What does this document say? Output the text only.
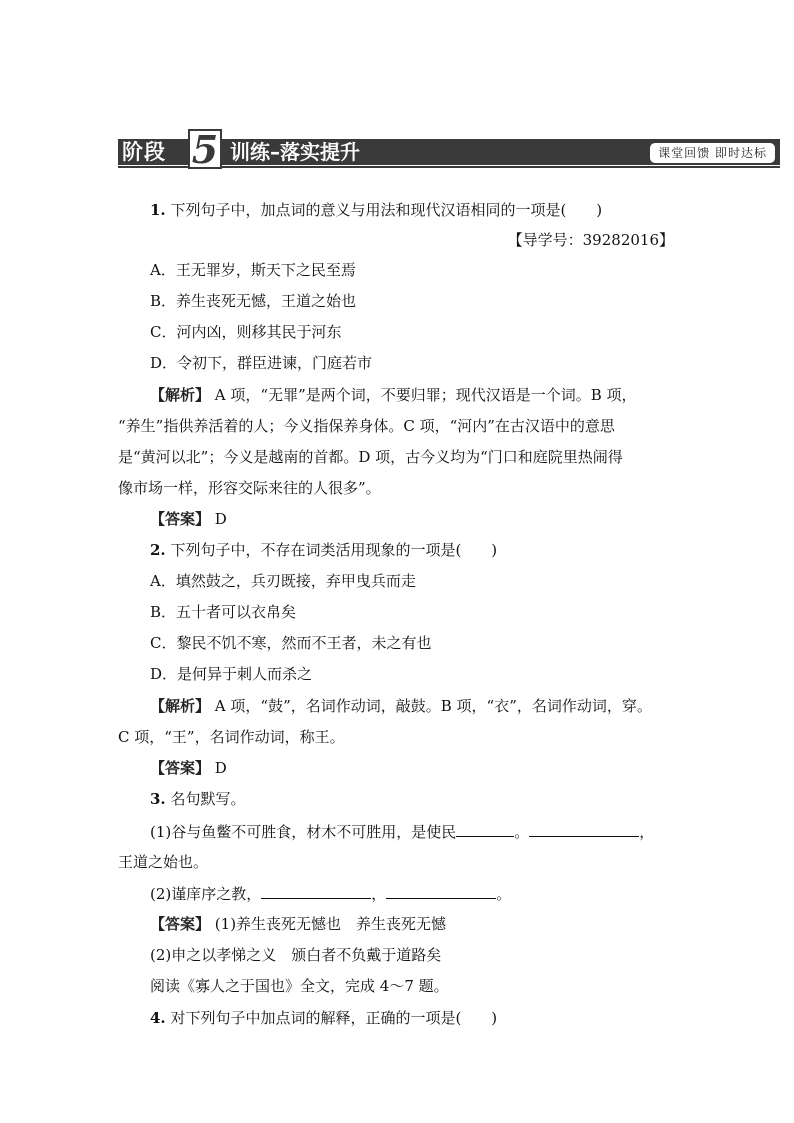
阶段 5 训练–落实提升	课堂回馈 即时达标
1. 下列句子中，加点词的意义与用法和现代汉语相同的一项是(　　)
【导学号：39282016】
A．王无罪岁，斯天下之民至焉
B．养生丧死无憾，王道之始也
C．河内凶，则移其民于河东
D．令初下，群臣进谏，门庭若市
【解析】 A 项，“无罪”是两个词，不要归罪；现代汉语是一个词。B 项，
“养生”指供养活着的人；今义指保养身体。C 项，“河内”在古汉语中的意思
是“黄河以北”；今义是越南的首都。D 项，古今义均为“门口和庭院里热闹得
像市场一样，形容交际来往的人很多”。
【答案】 D
2. 下列句子中，不存在词类活用现象的一项是(　　)
A．填然鼓之，兵刃既接，弃甲曳兵而走
B．五十者可以衣帛矣
C．黎民不饥不寒，然而不王者，未之有也
D．是何异于刺人而杀之
【解析】 A 项，“鼓”，名词作动词，敲鼓。B 项，“衣”，名词作动词，穿。
C 项，“王”，名词作动词，称王。
【答案】 D
3. 名句默写。
(1)谷与鱼鳖不可胜食，材木不可胜用，是使民	。	，
王道之始也。
(2)谨庠序之教，	，	。
【答案】 (1)养生丧死无憾也　养生丧死无憾
(2)申之以孝悌之义　颁白者不负戴于道路矣
阅读《寡人之于国也》全文，完成 4～7 题。
4. 对下列句子中加点词的解释，正确的一项是(　　)
